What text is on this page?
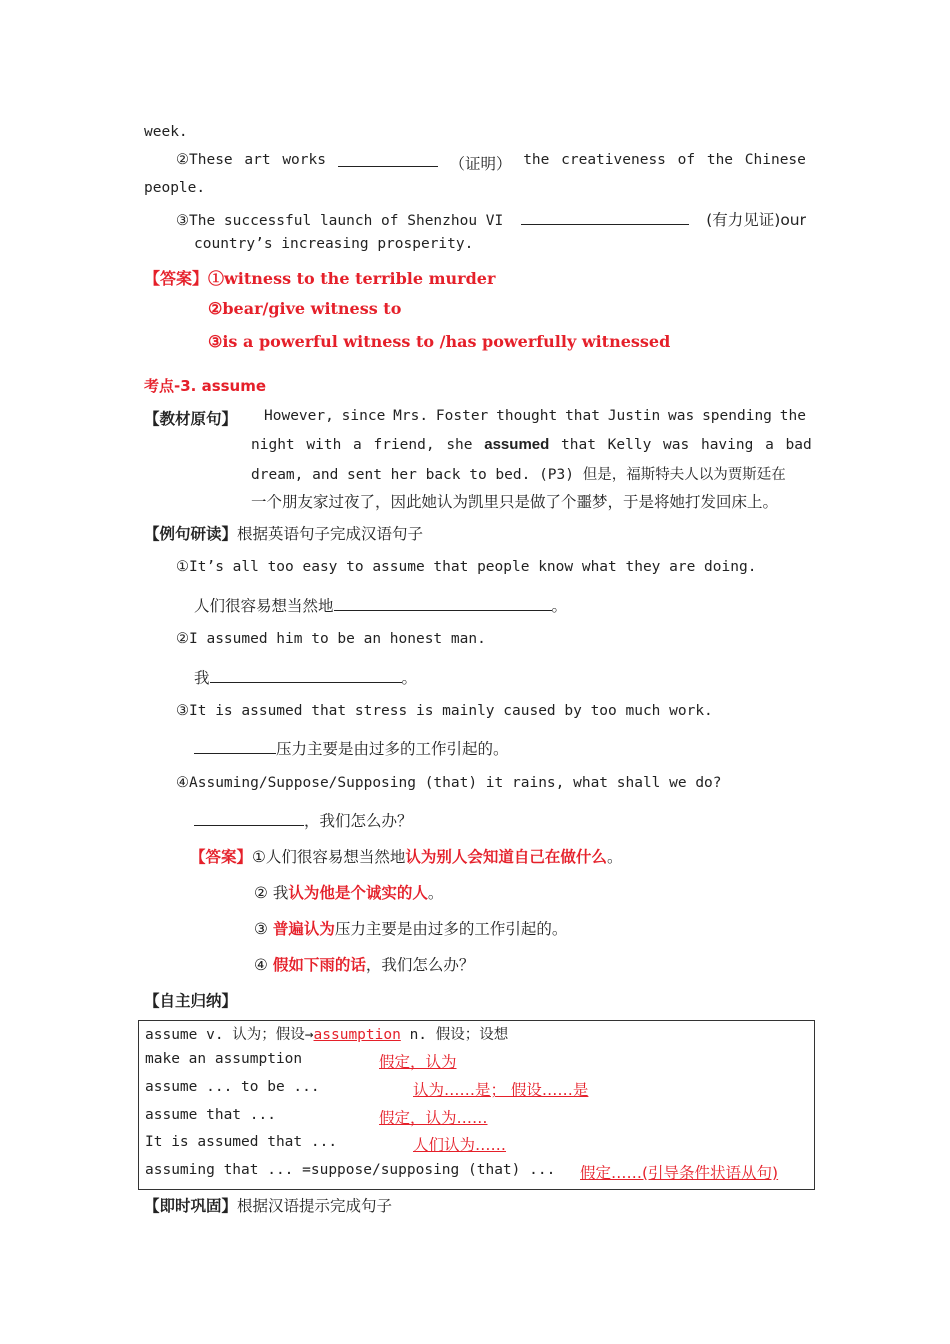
week.
②These art works	（证明） the creativeness of the Chinese
people.
③The successful launch of Shenzhou VI	(有力见证)our
country’s increasing prosperity.
【答案】①witness to the terrible murder
②bear/give witness to
③is a powerful witness to /has powerfully witnessed
考点-3. assume
【教材原句】 However, since Mrs. Foster thought that Justin was spending the
night with a friend, she assumed that Kelly was having a bad
dream, and sent her back to bed. (P3) 但是，福斯特夫人以为贾斯廷在
一个朋友家过夜了，因此她认为凯里只是做了个噩梦，于是将她打发回床上。
【例句研读】根据英语句子完成汉语句子
①It’s all too easy to assume that people know what they are doing.
人们很容易想当然地	。
②I assumed him to be an honest man.
我	。
③It is assumed that stress is mainly caused by too much work.
压力主要是由过多的工作引起的。
④Assuming/Suppose/Supposing (that) it rains, what shall we do?
，我们怎么办？
【答案】①人们很容易想当然地认为别人会知道自己在做什么。
② 我认为他是个诚实的人。
③ 普遍认为压力主要是由过多的工作引起的。
④ 假如下雨的话，我们怎么办？
【自主归纳】
assume v. 认为；假设→assumption n. 假设；设想
make an assumption	假定，认为
assume ... to be ...	认为……是； 假设……是
assume that ...	假定，认为……
It is assumed that ...	人们认为……
assuming that ... =suppose/supposing (that) ... 假定……(引导条件状语从句)
【即时巩固】根据汉语提示完成句子
